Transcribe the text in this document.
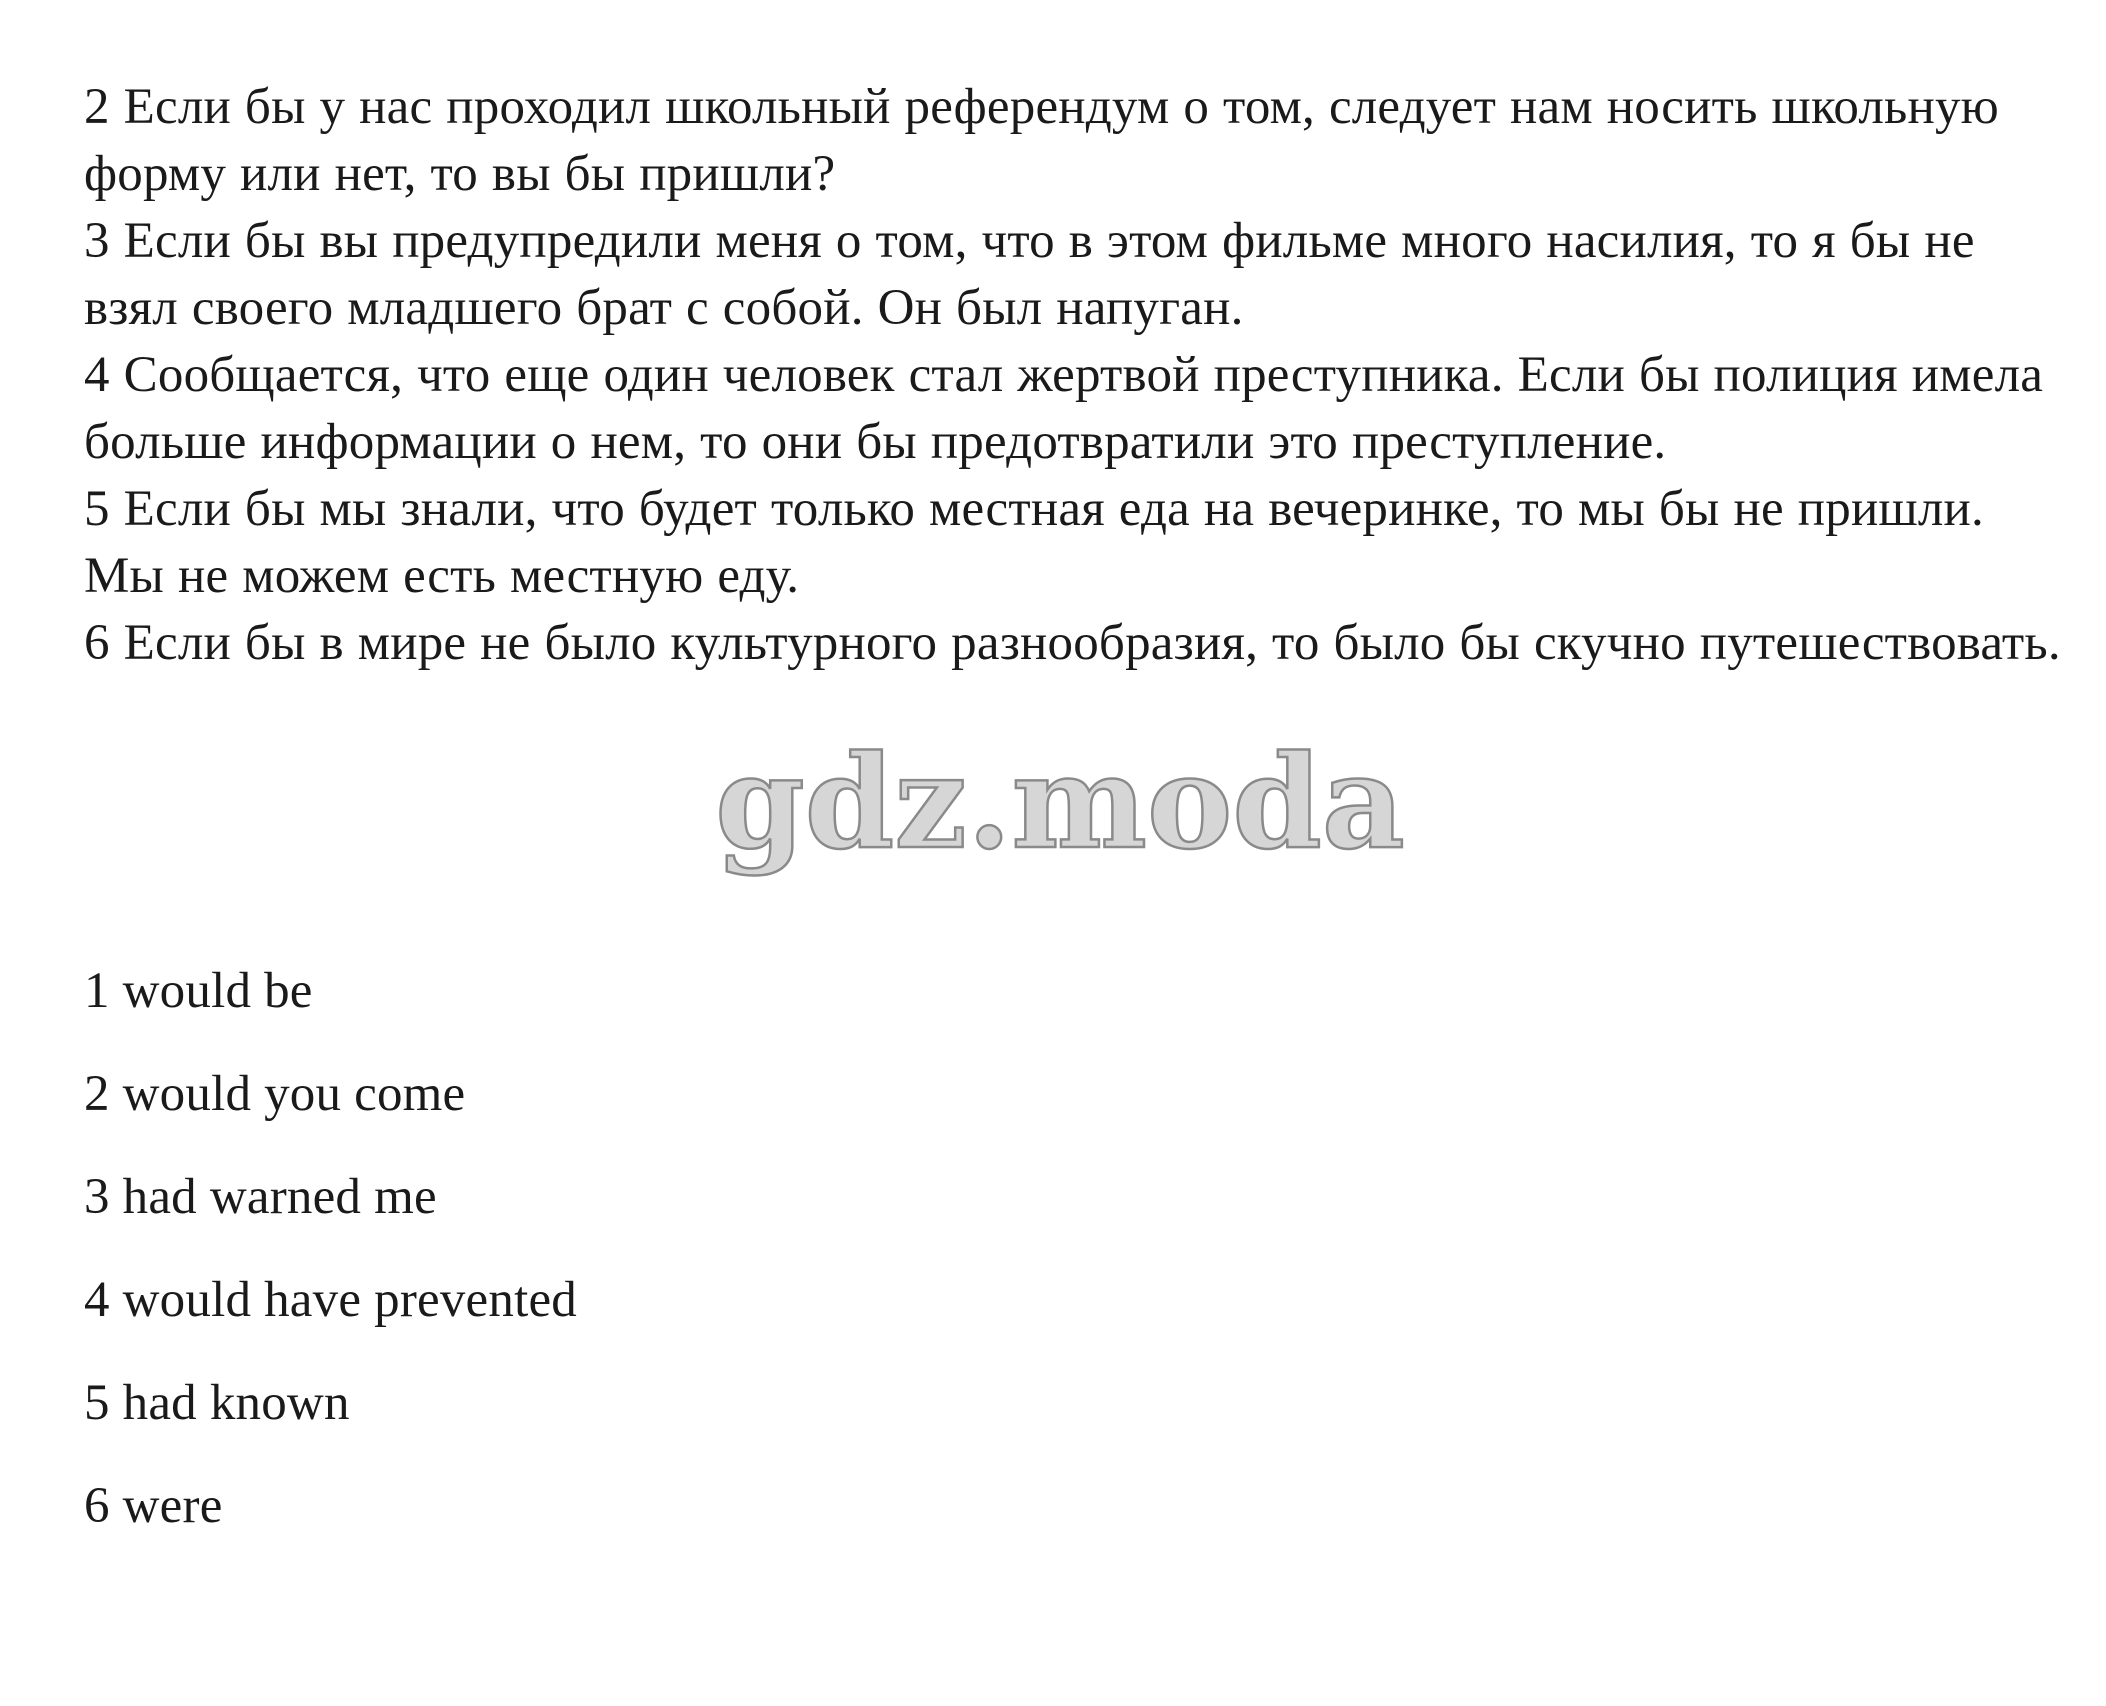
2 Если бы у нас проходил школьный референдум о том, следует нам носить школьную форму или нет, то вы бы пришли?

3 Если бы вы предупредили меня о том, что в этом фильме много насилия, то я бы не взял своего младшего брат с собой. Он был напуган.

4 Сообщается, что еще один человек стал жертвой преступника. Если бы полиция имела больше информации о нем, то они бы предотвратили это преступление.

5 Если бы мы знали, что будет только местная еда на вечеринке, то мы бы не пришли. Мы не можем есть местную еду.

6 Если бы в мире не было культурного разнообразия, то было бы скучно путешествовать.

gdz.moda

1 would be

2 would you come

3 had warned me

4 would have prevented

5 had known

6 were
